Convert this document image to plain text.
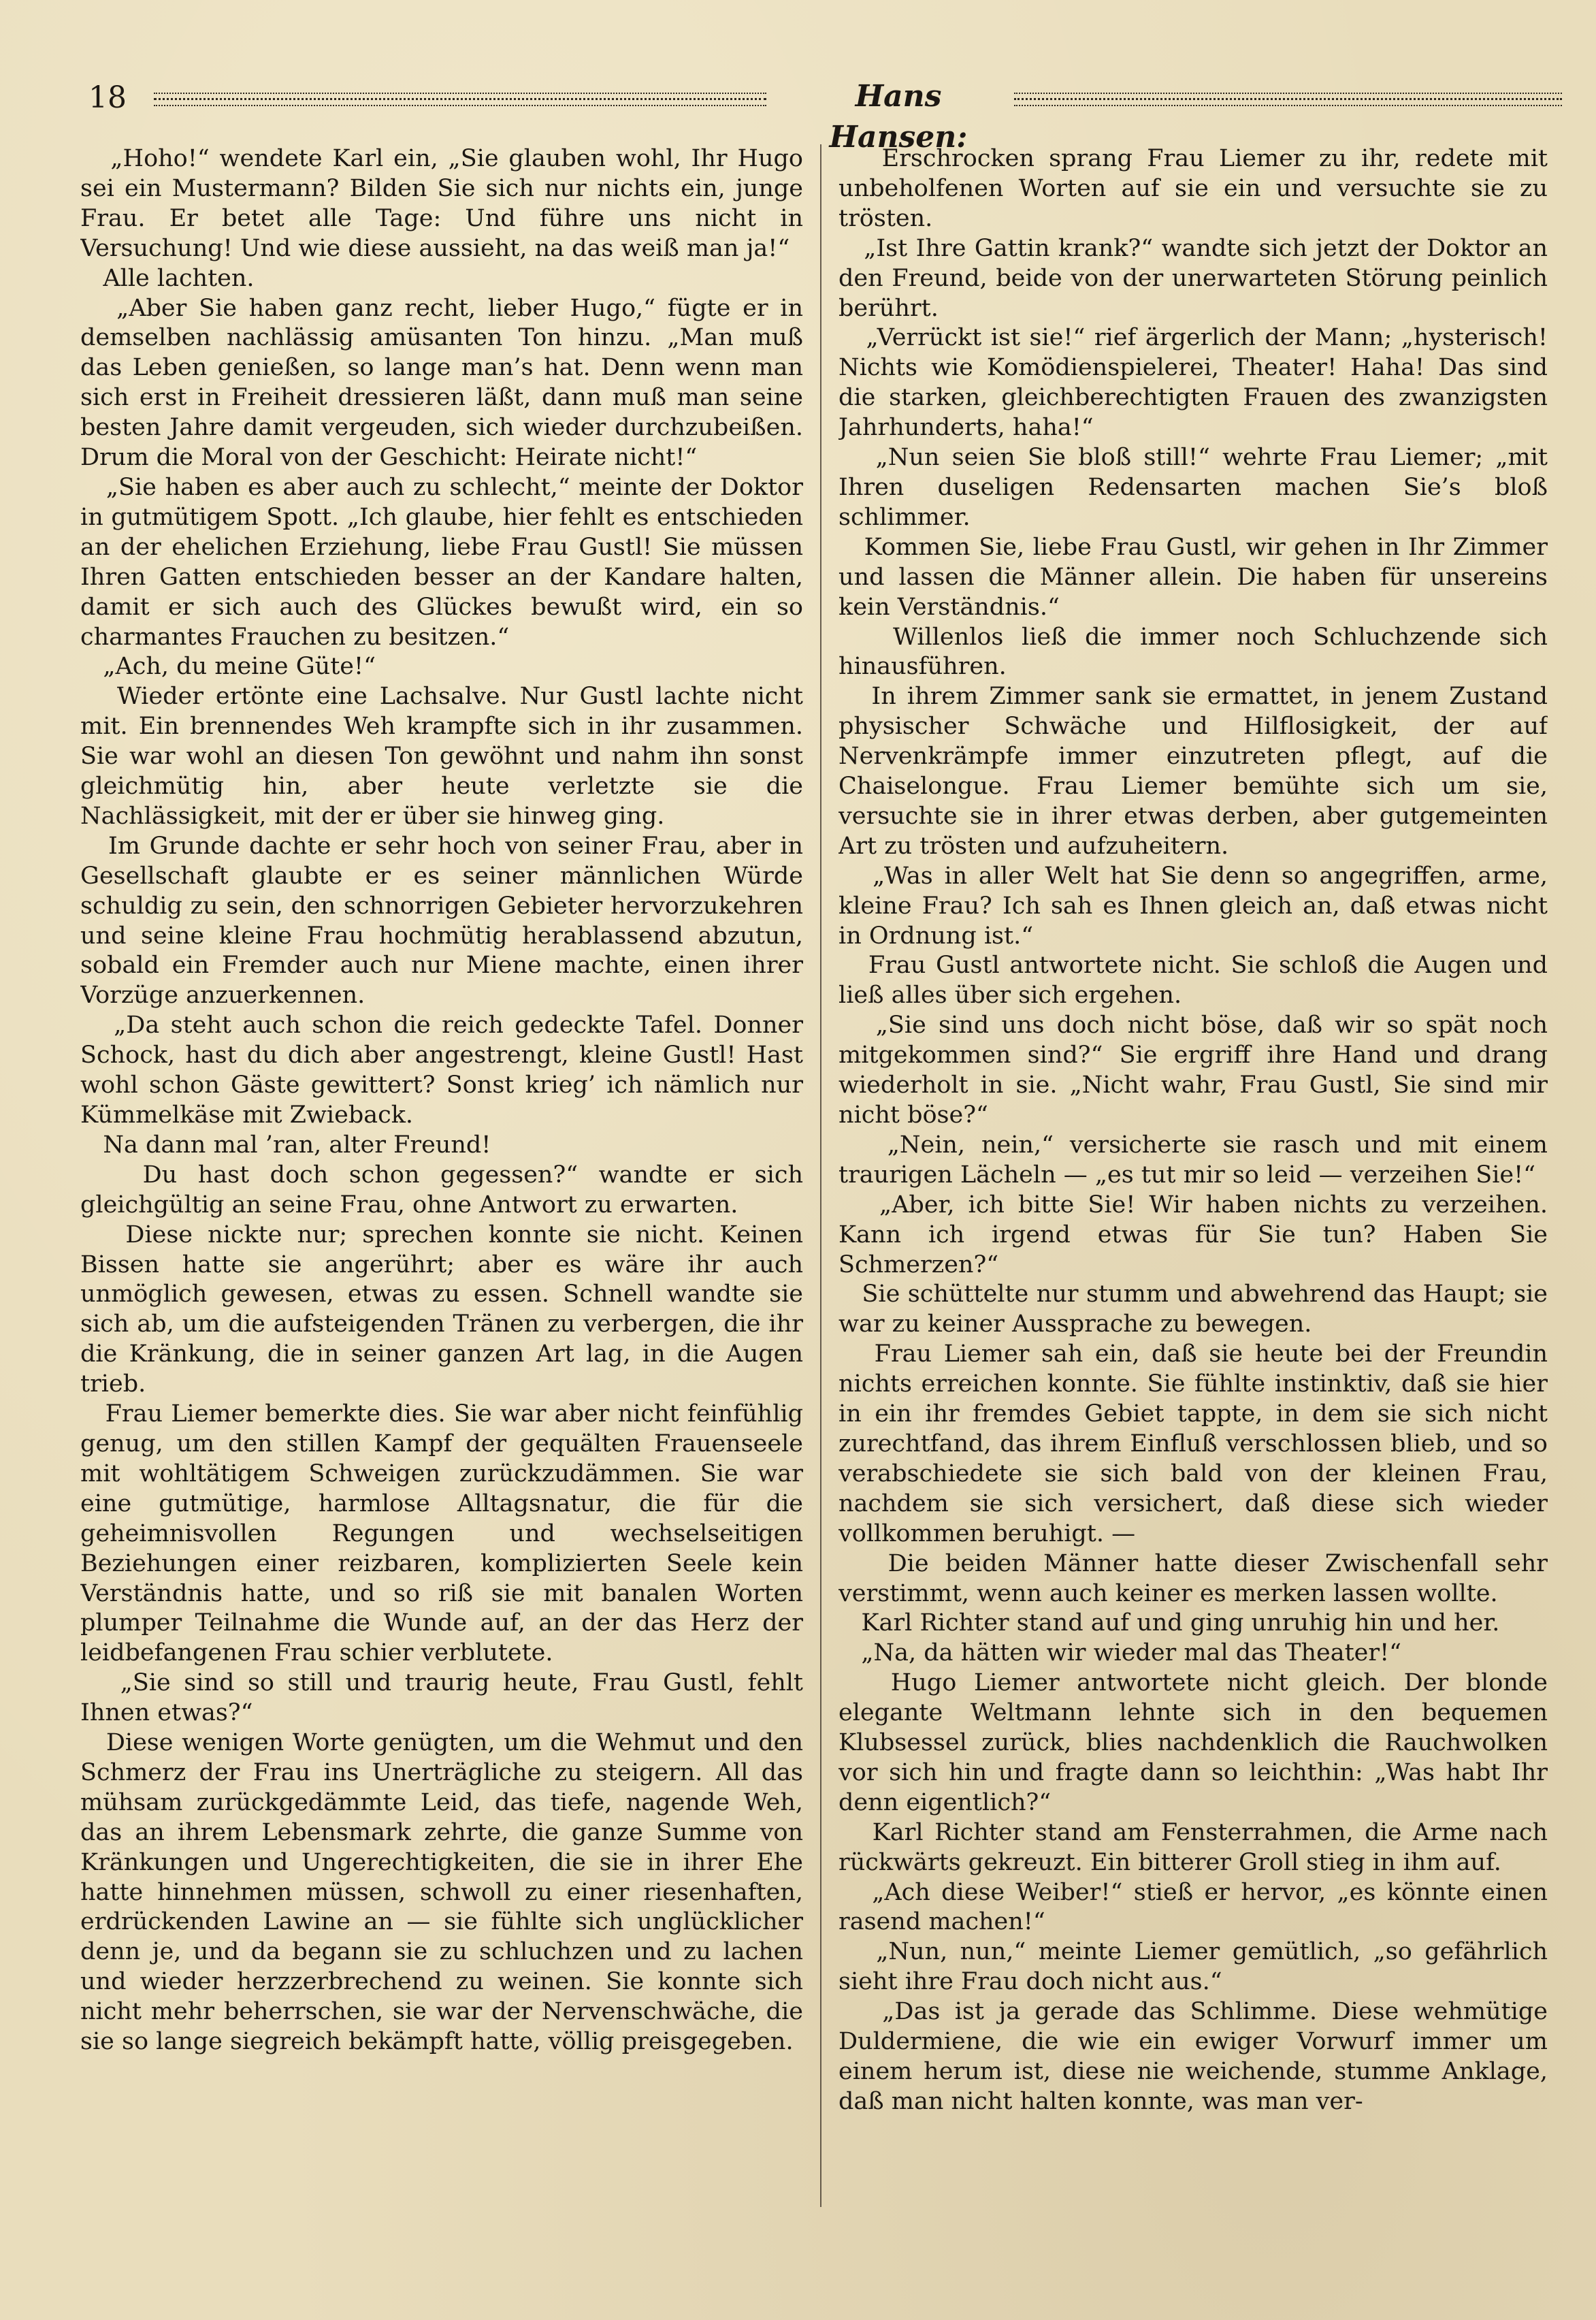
18	Hans Hansen:
„Hoho!“ wendete Karl ein, „Sie glauben wohl, Ihr Hugo sei ein Mustermann? Bilden Sie sich nur nichts ein, junge Frau. Er betet alle Tage: Und führe uns nicht in Versuchung! Und wie diese aussieht, na das weiß man ja!“
Alle lachten.
„Aber Sie haben ganz recht, lieber Hugo,“ fügte er in demselben nachlässig amüsanten Ton hinzu. „Man muß das Leben genießen, so lange man’s hat. Denn wenn man sich erst in Freiheit dressieren läßt, dann muß man seine besten Jahre damit vergeuden, sich wieder durchzubeißen. Drum die Moral von der Geschicht: Heirate nicht!“
„Sie haben es aber auch zu schlecht,“ meinte der Doktor in gutmütigem Spott. „Ich glaube, hier fehlt es entschieden an der ehelichen Erziehung, liebe Frau Gustl! Sie müssen Ihren Gatten entschieden besser an der Kandare halten, damit er sich auch des Glückes bewußt wird, ein so charmantes Frauchen zu besitzen.“
„Ach, du meine Güte!“
Wieder ertönte eine Lachsalve. Nur Gustl lachte nicht mit. Ein brennendes Weh krampfte sich in ihr zusammen. Sie war wohl an diesen Ton gewöhnt und nahm ihn sonst gleichmütig hin, aber heute verletzte sie die Nachlässigkeit, mit der er über sie hinweg ging.
Im Grunde dachte er sehr hoch von seiner Frau, aber in Gesellschaft glaubte er es seiner männlichen Würde schuldig zu sein, den schnorrigen Gebieter hervorzukehren und seine kleine Frau hochmütig herablassend abzutun, sobald ein Fremder auch nur Miene machte, einen ihrer Vorzüge anzuerkennen.
„Da steht auch schon die reich gedeckte Tafel. Donner Schock, hast du dich aber angestrengt, kleine Gustl! Hast wohl schon Gäste gewittert? Sonst krieg’ ich nämlich nur Kümmelkäse mit Zwieback.
Na dann mal ’ran, alter Freund!
Du hast doch schon gegessen?“ wandte er sich gleichgültig an seine Frau, ohne Antwort zu erwarten.
Diese nickte nur; sprechen konnte sie nicht. Keinen Bissen hatte sie angerührt; aber es wäre ihr auch unmöglich gewesen, etwas zu essen. Schnell wandte sie sich ab, um die aufsteigenden Tränen zu verbergen, die ihr die Kränkung, die in seiner ganzen Art lag, in die Augen trieb.
Frau Liemer bemerkte dies. Sie war aber nicht feinfühlig genug, um den stillen Kampf der gequälten Frauenseele mit wohltätigem Schweigen zurückzudämmen. Sie war eine gutmütige, harmlose Alltagsnatur, die für die geheimnisvollen Regungen und wechselseitigen Beziehungen einer reizbaren, komplizierten Seele kein Verständnis hatte, und so riß sie mit banalen Worten plumper Teilnahme die Wunde auf, an der das Herz der leidbefangenen Frau schier verblutete.
„Sie sind so still und traurig heute, Frau Gustl, fehlt Ihnen etwas?“
Diese wenigen Worte genügten, um die Wehmut und den Schmerz der Frau ins Unerträgliche zu steigern. All das mühsam zurückgedämmte Leid, das tiefe, nagende Weh, das an ihrem Lebensmark zehrte, die ganze Summe von Kränkungen und Ungerechtigkeiten, die sie in ihrer Ehe hatte hinnehmen müssen, schwoll zu einer riesenhaften, erdrückenden Lawine an — sie fühlte sich unglücklicher denn je, und da begann sie zu schluchzen und zu lachen und wieder herzzerbrechend zu weinen. Sie konnte sich nicht mehr beherrschen, sie war der Nervenschwäche, die sie so lange siegreich bekämpft hatte, völlig preisgegeben.
Erschrocken sprang Frau Liemer zu ihr, redete mit unbeholfenen Worten auf sie ein und versuchte sie zu trösten.
„Ist Ihre Gattin krank?“ wandte sich jetzt der Doktor an den Freund, beide von der unerwarteten Störung peinlich berührt.
„Verrückt ist sie!“ rief ärgerlich der Mann; „hysterisch! Nichts wie Komödienspielerei, Theater! Haha! Das sind die starken, gleichberechtigten Frauen des zwanzigsten Jahrhunderts, haha!“
„Nun seien Sie bloß still!“ wehrte Frau Liemer; „mit Ihren duseligen Redensarten machen Sie’s bloß schlimmer.
Kommen Sie, liebe Frau Gustl, wir gehen in Ihr Zimmer und lassen die Männer allein. Die haben für unsereins kein Verständnis.“
Willenlos ließ die immer noch Schluchzende sich hinausführen.
In ihrem Zimmer sank sie ermattet, in jenem Zustand physischer Schwäche und Hilflosigkeit, der auf Nervenkrämpfe immer einzutreten pflegt, auf die Chaiselongue. Frau Liemer bemühte sich um sie, versuchte sie in ihrer etwas derben, aber gutgemeinten Art zu trösten und aufzuheitern.
„Was in aller Welt hat Sie denn so angegriffen, arme, kleine Frau? Ich sah es Ihnen gleich an, daß etwas nicht in Ordnung ist.“
Frau Gustl antwortete nicht. Sie schloß die Augen und ließ alles über sich ergehen.
„Sie sind uns doch nicht böse, daß wir so spät noch mitgekommen sind?“ Sie ergriff ihre Hand und drang wiederholt in sie. „Nicht wahr, Frau Gustl, Sie sind mir nicht böse?“
„Nein, nein,“ versicherte sie rasch und mit einem traurigen Lächeln — „es tut mir so leid — verzeihen Sie!“
„Aber, ich bitte Sie! Wir haben nichts zu verzeihen. Kann ich irgend etwas für Sie tun? Haben Sie Schmerzen?“
Sie schüttelte nur stumm und abwehrend das Haupt; sie war zu keiner Aussprache zu bewegen.
Frau Liemer sah ein, daß sie heute bei der Freundin nichts erreichen konnte. Sie fühlte instinktiv, daß sie hier in ein ihr fremdes Gebiet tappte, in dem sie sich nicht zurechtfand, das ihrem Einfluß verschlossen blieb, und so verabschiedete sie sich bald von der kleinen Frau, nachdem sie sich versichert, daß diese sich wieder vollkommen beruhigt. —
Die beiden Männer hatte dieser Zwischenfall sehr verstimmt, wenn auch keiner es merken lassen wollte.
Karl Richter stand auf und ging unruhig hin und her.
„Na, da hätten wir wieder mal das Theater!“
Hugo Liemer antwortete nicht gleich. Der blonde elegante Weltmann lehnte sich in den bequemen Klubsessel zurück, blies nachdenklich die Rauchwolken vor sich hin und fragte dann so leichthin: „Was habt Ihr denn eigentlich?“
Karl Richter stand am Fensterrahmen, die Arme nach rückwärts gekreuzt. Ein bitterer Groll stieg in ihm auf.
„Ach diese Weiber!“ stieß er hervor, „es könnte einen rasend machen!“
„Nun, nun,“ meinte Liemer gemütlich, „so gefährlich sieht ihre Frau doch nicht aus.“
„Das ist ja gerade das Schlimme. Diese wehmütige Duldermiene, die wie ein ewiger Vorwurf immer um einem herum ist, diese nie weichende, stumme Anklage, daß man nicht halten konnte, was man ver-
